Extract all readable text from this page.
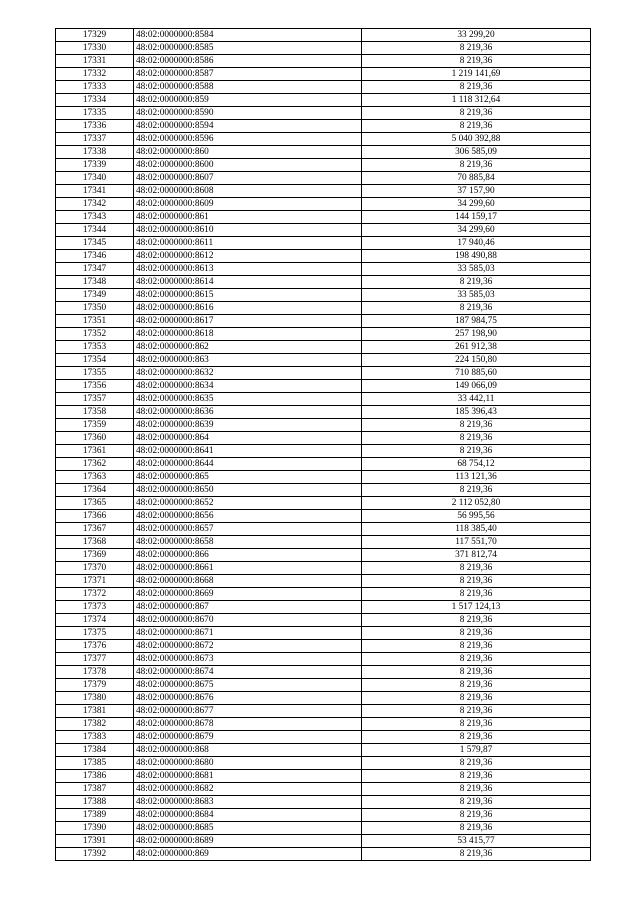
17329	48:02:0000000:8584	33 299,20
17330	48:02:0000000:8585	8 219,36
17331	48:02:0000000:8586	8 219,36
17332	48:02:0000000:8587	1 219 141,69
17333	48:02:0000000:8588	8 219,36
17334	48:02:0000000:859	1 118 312,64
17335	48:02:0000000:8590	8 219,36
17336	48:02:0000000:8594	8 219,36
17337	48:02:0000000:8596	5 040 392,88
17338	48:02:0000000:860	306 585,09
17339	48:02:0000000:8600	8 219,36
17340	48:02:0000000:8607	70 885,84
17341	48:02:0000000:8608	37 157,90
17342	48:02:0000000:8609	34 299,60
17343	48:02:0000000:861	144 159,17
17344	48:02:0000000:8610	34 299,60
17345	48:02:0000000:8611	17 940,46
17346	48:02:0000000:8612	198 490,88
17347	48:02:0000000:8613	33 585,03
17348	48:02:0000000:8614	8 219,36
17349	48:02:0000000:8615	33 585,03
17350	48:02:0000000:8616	8 219,36
17351	48:02:0000000:8617	187 984,75
17352	48:02:0000000:8618	257 198,90
17353	48:02:0000000:862	261 912,38
17354	48:02:0000000:863	224 150,80
17355	48:02:0000000:8632	710 885,60
17356	48:02:0000000:8634	149 066,09
17357	48:02:0000000:8635	33 442,11
17358	48:02:0000000:8636	185 396,43
17359	48:02:0000000:8639	8 219,36
17360	48:02:0000000:864	8 219,36
17361	48:02:0000000:8641	8 219,36
17362	48:02:0000000:8644	68 754,12
17363	48:02:0000000:865	113 121,36
17364	48:02:0000000:8650	8 219,36
17365	48:02:0000000:8652	2 112 052,80
17366	48:02:0000000:8656	56 995,56
17367	48:02:0000000:8657	118 385,40
17368	48:02:0000000:8658	117 551,70
17369	48:02:0000000:866	371 812,74
17370	48:02:0000000:8661	8 219,36
17371	48:02:0000000:8668	8 219,36
17372	48:02:0000000:8669	8 219,36
17373	48:02:0000000:867	1 517 124,13
17374	48:02:0000000:8670	8 219,36
17375	48:02:0000000:8671	8 219,36
17376	48:02:0000000:8672	8 219,36
17377	48:02:0000000:8673	8 219,36
17378	48:02:0000000:8674	8 219,36
17379	48:02:0000000:8675	8 219,36
17380	48:02:0000000:8676	8 219,36
17381	48:02:0000000:8677	8 219,36
17382	48:02:0000000:8678	8 219,36
17383	48:02:0000000:8679	8 219,36
17384	48:02:0000000:868	1 579,87
17385	48:02:0000000:8680	8 219,36
17386	48:02:0000000:8681	8 219,36
17387	48:02:0000000:8682	8 219,36
17388	48:02:0000000:8683	8 219,36
17389	48:02:0000000:8684	8 219,36
17390	48:02:0000000:8685	8 219,36
17391	48:02:0000000:8689	53 415,77
17392	48:02:0000000:869	8 219,36
